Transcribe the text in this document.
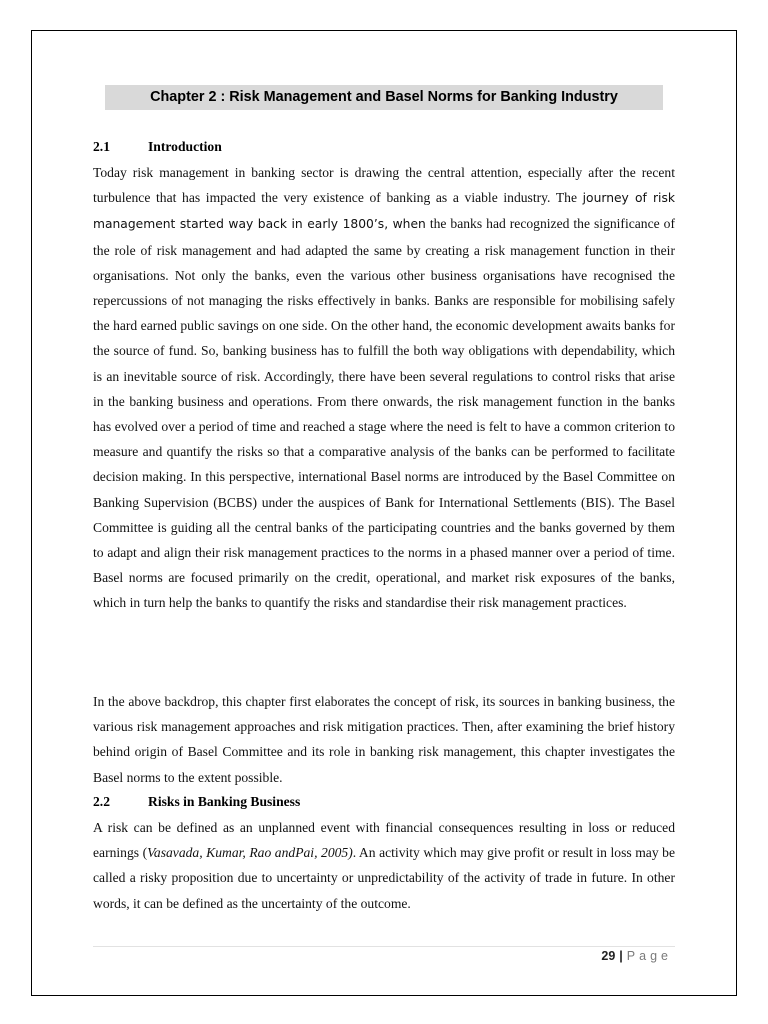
Chapter 2 : Risk Management and Basel Norms for Banking Industry
2.1	Introduction

Today risk management in banking sector is drawing the central attention, especially after the recent turbulence that has impacted the very existence of banking as a viable industry. The journey of risk management started way back in early 1800’s, when the banks had recognized the significance of the role of risk management and had adapted the same by creating a risk management function in their organisations. Not only the banks, even the various other business organisations have recognised the repercussions of not managing the risks effectively in banks. Banks are responsible for mobilising safely the hard earned public savings on one side. On the other hand, the economic development awaits banks for the source of fund. So, banking business has to fulfill the both way obligations with dependability, which is an inevitable source of risk. Accordingly, there have been several regulations to control risks that arise in the banking business and operations. From there onwards, the risk management function in the banks has evolved over a period of time and reached a stage where the need is felt to have a common criterion to measure and quantify the risks so that a comparative analysis of the banks can be performed to facilitate decision making. In this perspective, international Basel norms are introduced by the Basel Committee on Banking Supervision (BCBS) under the auspices of Bank for International Settlements (BIS). The Basel Committee is guiding all the central banks of the participating countries and the banks governed by them to adapt and align their risk management practices to the norms in a phased manner over a period of time. Basel norms are focused primarily on the credit, operational, and market risk exposures of the banks, which in turn help the banks to quantify the risks and standardise their risk management practices.

In the above backdrop, this chapter first elaborates the concept of risk, its sources in banking business, the various risk management approaches and risk mitigation practices. Then, after examining the brief history behind origin of Basel Committee and its role in banking risk management, this chapter investigates the Basel norms to the extent possible.

2.2	Risks in Banking Business

A risk can be defined as an unplanned event with financial consequences resulting in loss or reduced earnings (Vasavada, Kumar, Rao andPai, 2005). An activity which may give profit or result in loss may be called a risky proposition due to uncertainty or unpredictability of the activity of trade in future. In other words, it can be defined as the uncertainty of the outcome.

29 | Page
